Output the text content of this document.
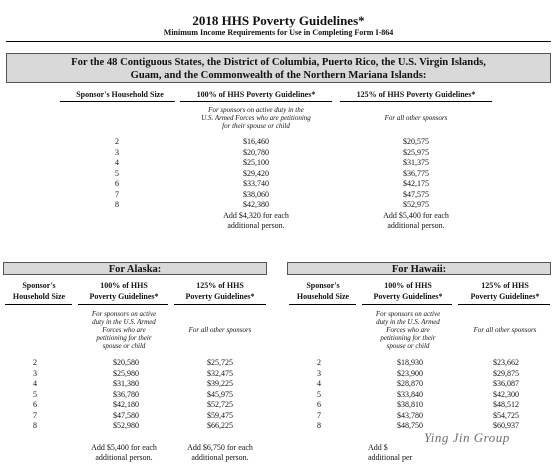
2018 HHS Poverty Guidelines*
Minimum Income Requirements for Use in Completing Form I-864
For the 48 Contiguous States, the District of Columbia, Puerto Rico, the U.S. Virgin Islands,
Guam, and the Commonwealth of the Northern Mariana Islands:
Sponsor's Household Size	100% of HHS Poverty Guidelines*	125% of HHS Poverty Guidelines*
For sponsors on active duty in the
U.S. Armed Forces who are petitioning
for their spouse or child
For all other sponsors
2
3
4
5
6
7
8
$16,460
$20,780
$25,100
$29,420
$33,740
$38,060
$42,380
$20,575
$25,975
$31,375
$36,775
$42,175
$47,575
$52,975
Add $4,320 for each
additional person.
Add $5,400 for each
additional person.
For Alaska:
Sponsor's
Household Size
100% of HHS
Poverty Guidelines*
125% of HHS
Poverty Guidelines*
For sponsors on active
duty in the U.S. Armed
Forces who are
petitioning for their
spouse or child
For all other sponsors
2
3
4
5
6
7
8
$20,580
$25,980
$31,380
$36,780
$42,180
$47,580
$52,980
$25,725
$32,475
$39,225
$45,975
$52,725
$59,475
$66,225
Add $5,400 for each
additional person.
Add $6,750 for each
additional person.
For Hawaii:
Sponsor's
Household Size
100% of HHS
Poverty Guidelines*
125% of HHS
Poverty Guidelines*
For sponsors on active
duty in the U.S. Armed
Forces who are
petitioning for their
spouse or child
For all other sponsors
2
3
4
5
6
7
8
$18,930
$23,900
$28,870
$33,840
$38,810
$43,780
$48,750
$23,662
$29,875
$36,087
$42,300
$48,512
$54,725
$60,937
Add $
additional per
Ying Jin Group
